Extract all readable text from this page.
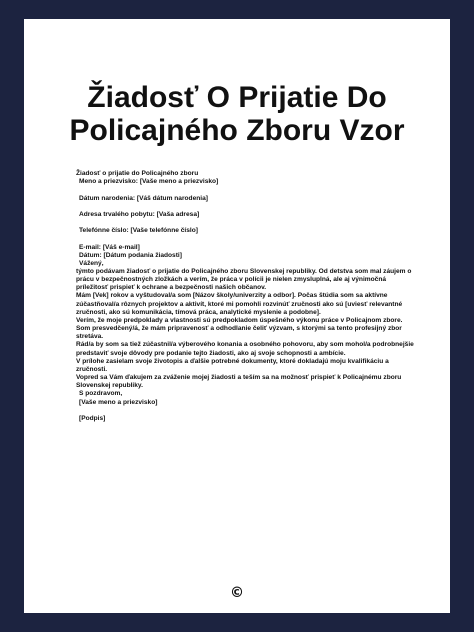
Žiadosť O Prijatie Do Policajného Zboru Vzor
Žiadosť o prijatie do Policajného zboru
Meno a priezvisko: [Vaše meno a priezvisko]
Dátum narodenia: [Váš dátum narodenia]
Adresa trvalého pobytu: [Vaša adresa]
Telefónne číslo: [Vaše telefónne číslo]
E-mail: [Váš e-mail]
Dátum: [Dátum podania žiadosti]
Vážený,
týmto podávam žiadosť o prijatie do Policajného zboru Slovenskej republiky. Od detstva som mal záujem o
prácu v bezpečnostných zložkách a verím, že práca v polícii je nielen zmysluplná, ale aj výnimočná
príležitosť prispieť k ochrane a bezpečnosti našich občanov.
Mám [Vek] rokov a vyštudoval/a som [Názov školy/univerzity a odbor]. Počas štúdia som sa aktívne
zúčastňoval/a rôznych projektov a aktivít, ktoré mi pomohli rozvinúť zručnosti ako sú [uviesť relevantné
zručnosti, ako sú komunikácia, tímová práca, analytické myslenie a podobne].
Verím, že moje predpoklady a vlastnosti sú predpokladom úspešného výkonu práce v Policajnom zbore.
Som presvedčený/á, že mám pripravenosť a odhodlanie čeliť výzvam, s ktorými sa tento profesijný zbor
stretáva.
Rád/a by som sa tiež zúčastnil/a výberového konania a osobného pohovoru, aby som mohol/a podrobnejšie
predstaviť svoje dôvody pre podanie tejto žiadosti, ako aj svoje schopnosti a ambície.
V prílohe zasielam svoje životopis a ďalšie potrebné dokumenty, ktoré dokladajú moju kvalifikáciu a
zručnosti.
Vopred sa Vám ďakujem za zváženie mojej žiadosti a teším sa na možnosť prispieť k Policajnému zboru
Slovenskej republiky.
S pozdravom,
[Vaše meno a priezvisko]
[Podpis]
©
